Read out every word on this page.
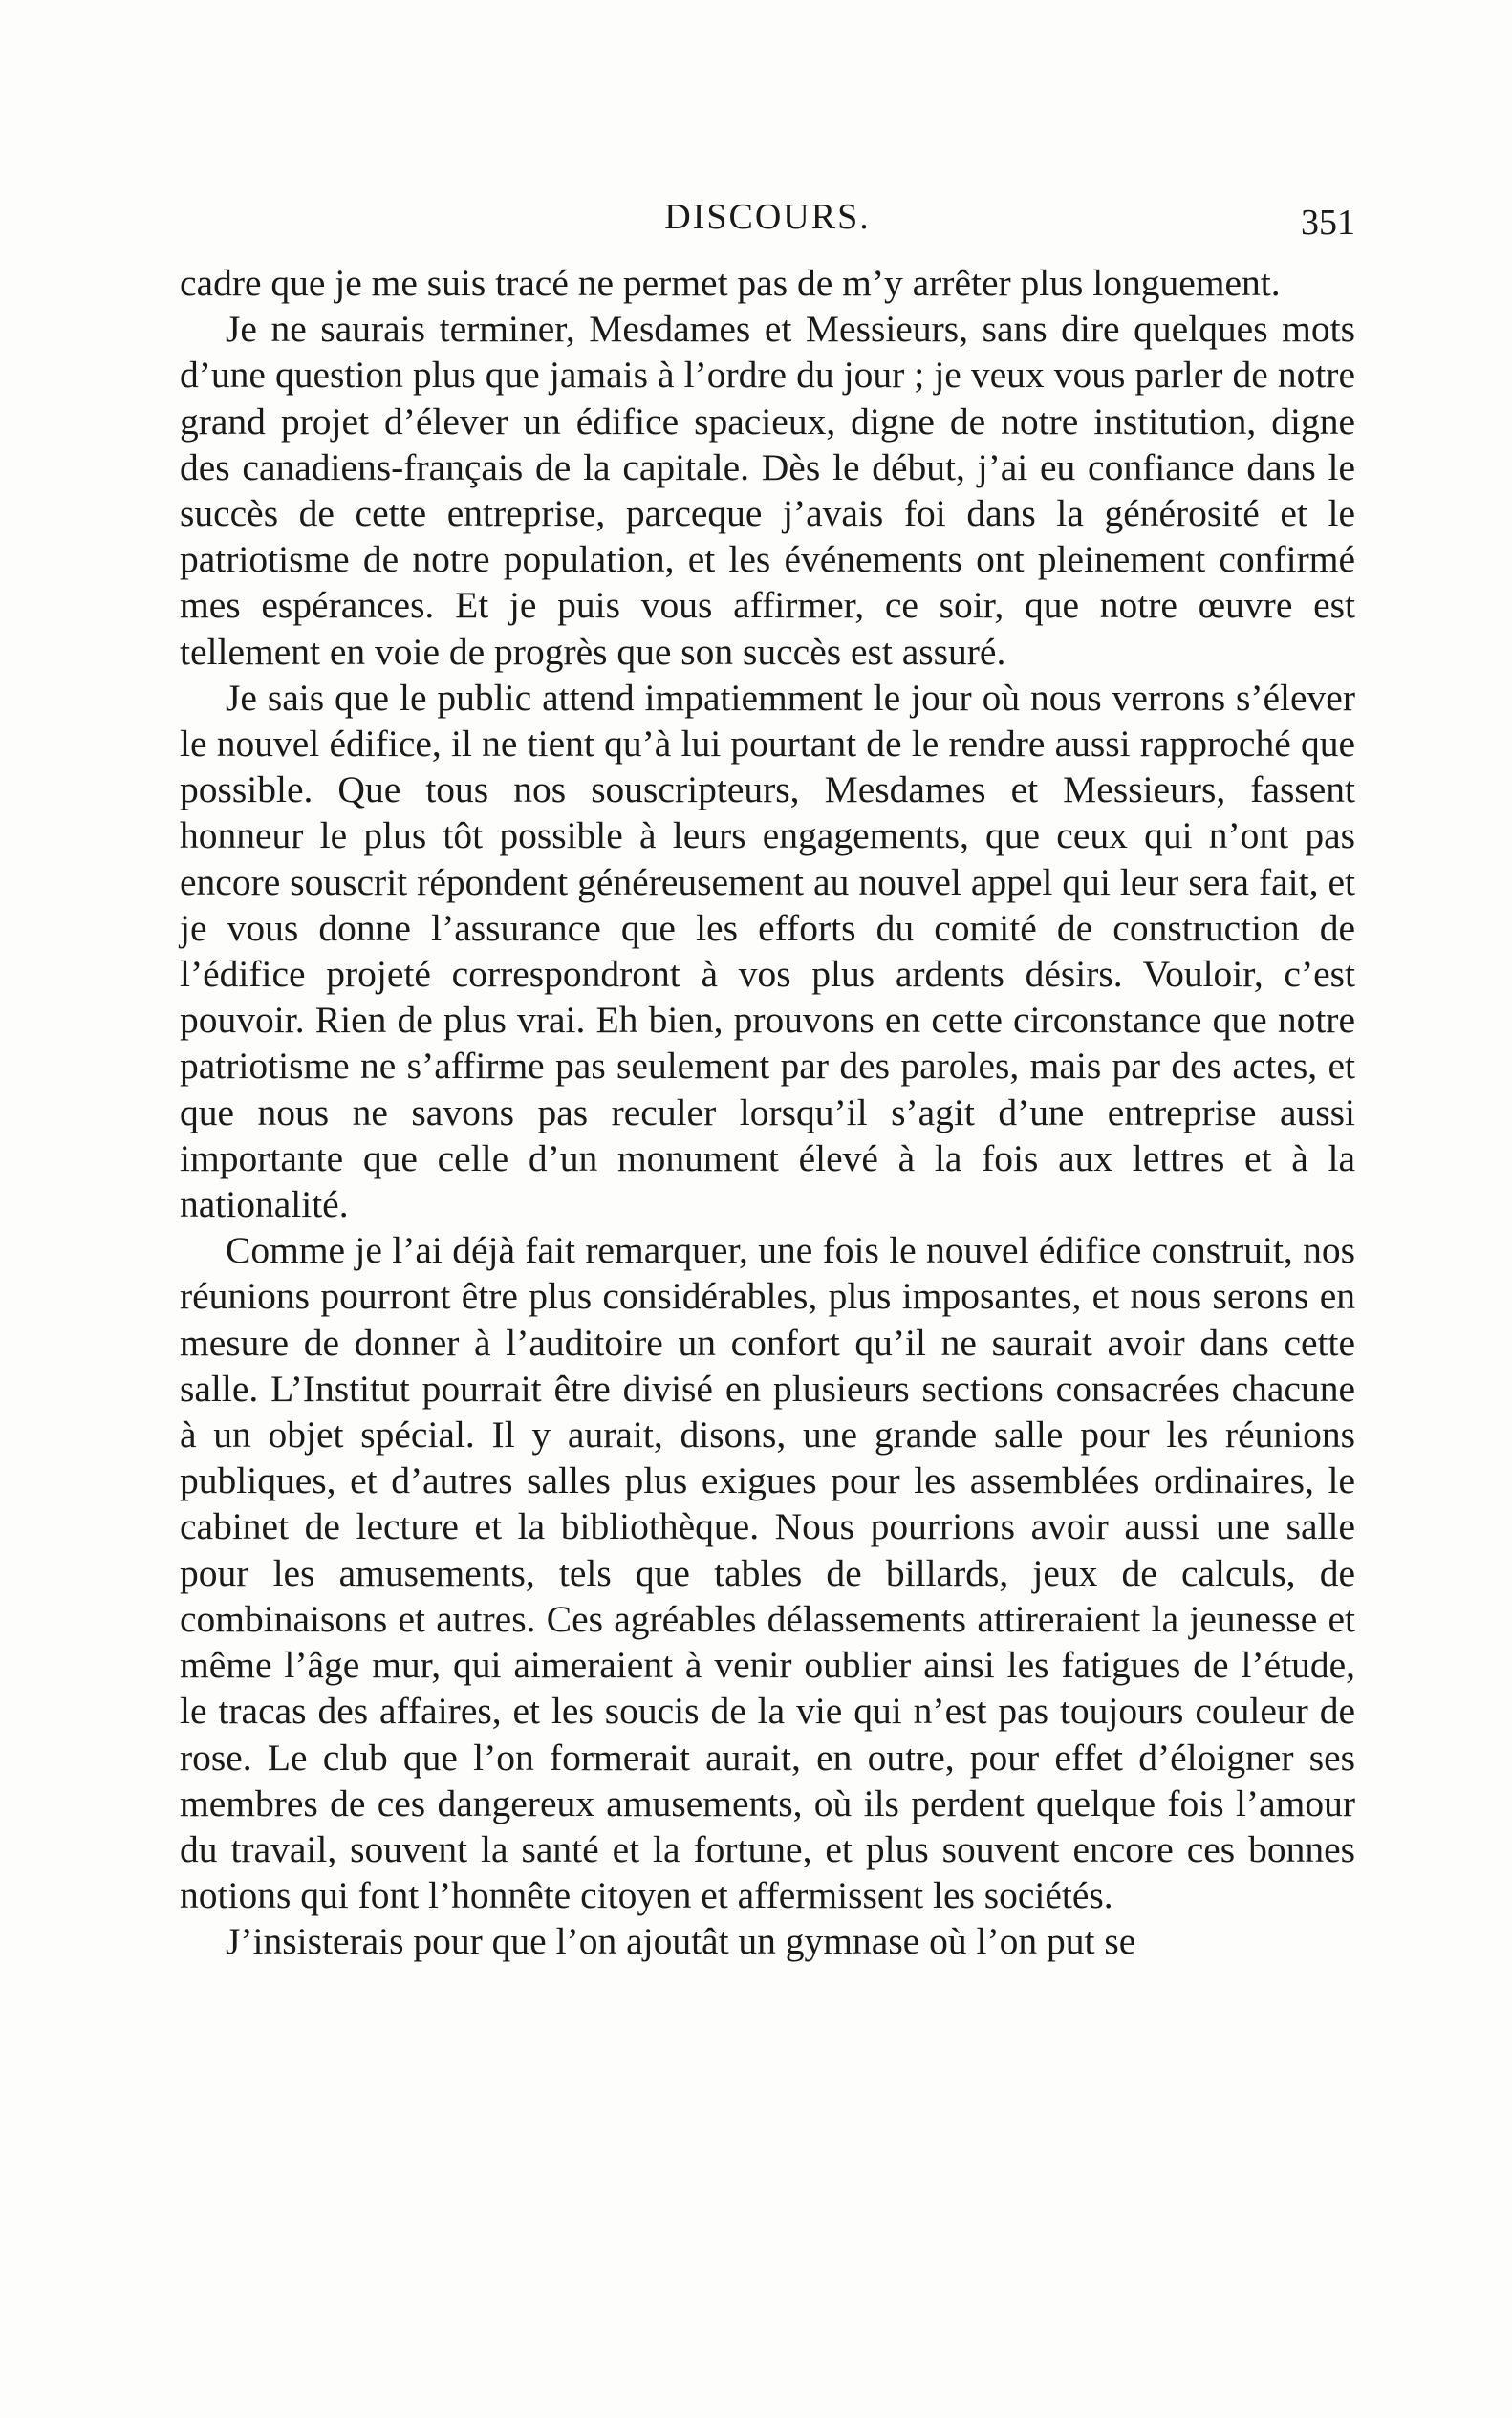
DISCOURS.	351

cadre que je me suis tracé ne permet pas de m’y arrêter plus longuement.

Je ne saurais terminer, Mesdames et Messieurs, sans dire quelques mots d’une question plus que jamais à l’ordre du jour ; je veux vous parler de notre grand projet d’élever un édifice spacieux, digne de notre institution, digne des canadiens-français de la capitale. Dès le début, j’ai eu confiance dans le succès de cette entreprise, parceque j’avais foi dans la générosité et le patriotisme de notre population, et les événements ont pleinement confirmé mes espérances. Et je puis vous affirmer, ce soir, que notre œuvre est tellement en voie de progrès que son succès est assuré.

Je sais que le public attend impatiemment le jour où nous verrons s’élever le nouvel édifice, il ne tient qu’à lui pourtant de le rendre aussi rapproché que possible. Que tous nos souscripteurs, Mesdames et Messieurs, fassent honneur le plus tôt possible à leurs engagements, que ceux qui n’ont pas encore souscrit répondent généreusement au nouvel appel qui leur sera fait, et je vous donne l’assurance que les efforts du comité de construction de l’édifice projeté correspondront à vos plus ardents désirs. Vouloir, c’est pouvoir. Rien de plus vrai. Eh bien, prouvons en cette circonstance que notre patriotisme ne s’affirme pas seulement par des paroles, mais par des actes, et que nous ne savons pas reculer lorsqu’il s’agit d’une entreprise aussi importante que celle d’un monument élevé à la fois aux lettres et à la nationalité.

Comme je l’ai déjà fait remarquer, une fois le nouvel édifice construit, nos réunions pourront être plus considérables, plus imposantes, et nous serons en mesure de donner à l’auditoire un confort qu’il ne saurait avoir dans cette salle. L’Institut pourrait être divisé en plusieurs sections consacrées chacune à un objet spécial. Il y aurait, disons, une grande salle pour les réunions publiques, et d’autres salles plus exigues pour les assemblées ordinaires, le cabinet de lecture et la bibliothèque. Nous pourrions avoir aussi une salle pour les amusements, tels que tables de billards, jeux de calculs, de combinaisons et autres. Ces agréables délassements attireraient la jeunesse et même l’âge mur, qui aimeraient à venir oublier ainsi les fatigues de l’étude, le tracas des affaires, et les soucis de la vie qui n’est pas toujours couleur de rose. Le club que l’on formerait aurait, en outre, pour effet d’éloigner ses membres de ces dangereux amusements, où ils perdent quelque fois l’amour du travail, souvent la santé et la fortune, et plus souvent encore ces bonnes notions qui font l’honnête citoyen et affermissent les sociétés.

J’insisterais pour que l’on ajoutât un gymnase où l’on put se
